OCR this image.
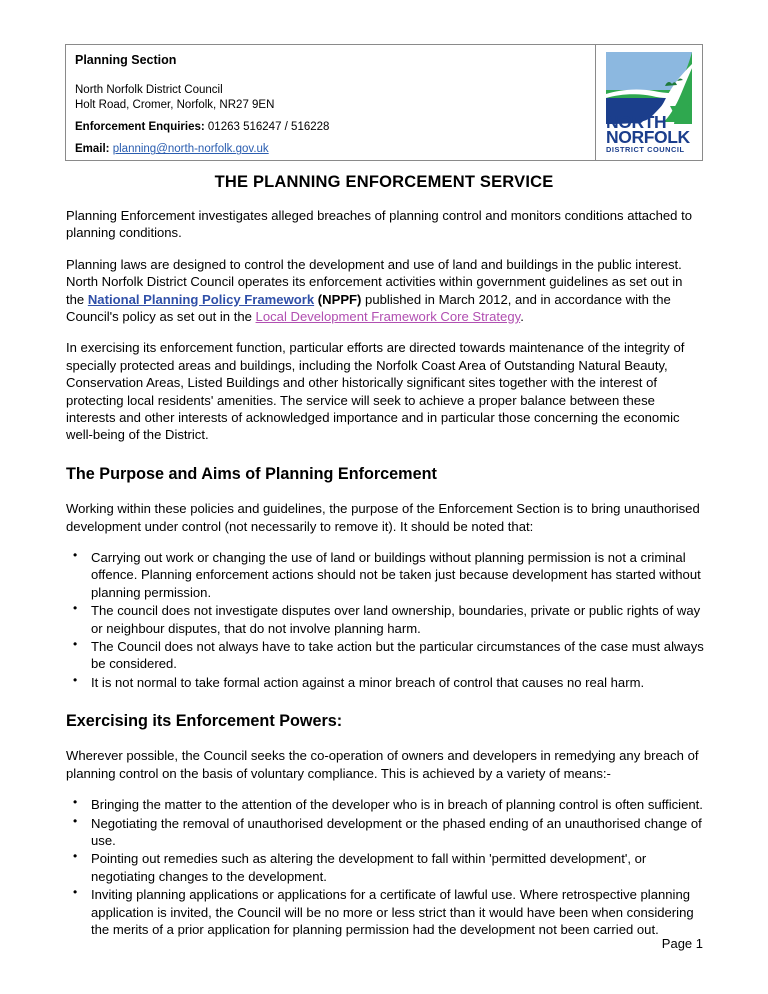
Planning Section
North Norfolk District Council
Holt Road, Cromer, Norfolk, NR27 9EN
Enforcement Enquiries: 01263 516247 / 516228
Email: planning@north-norfolk.gov.uk
NORTH
NORFOLK
DISTRICT COUNCIL
THE PLANNING ENFORCEMENT SERVICE

Planning Enforcement investigates alleged breaches of planning control and monitors conditions attached to planning conditions.

Planning laws are designed to control the development and use of land and buildings in the public interest. North Norfolk District Council operates its enforcement activities within government guidelines as set out in the National Planning Policy Framework (NPPF) published in March 2012, and in accordance with the Council's policy as set out in the Local Development Framework Core Strategy.

In exercising its enforcement function, particular efforts are directed towards maintenance of the integrity of specially protected areas and buildings, including the Norfolk Coast Area of Outstanding Natural Beauty, Conservation Areas, Listed Buildings and other historically significant sites together with the interest of protecting local residents' amenities. The service will seek to achieve a proper balance between these interests and other interests of acknowledged importance and in particular those concerning the economic well-being of the District.

The Purpose and Aims of Planning Enforcement

Working within these policies and guidelines, the purpose of the Enforcement Section is to bring unauthorised development under control (not necessarily to remove it). It should be noted that:

• Carrying out work or changing the use of land or buildings without planning permission is not a criminal offence. Planning enforcement actions should not be taken just because development has started without planning permission.
• The council does not investigate disputes over land ownership, boundaries, private or public rights of way or neighbour disputes, that do not involve planning harm.
• The Council does not always have to take action but the particular circumstances of the case must always be considered.
• It is not normal to take formal action against a minor breach of control that causes no real harm.
Exercising its Enforcement Powers:

Wherever possible, the Council seeks the co-operation of owners and developers in remedying any breach of planning control on the basis of voluntary compliance. This is achieved by a variety of means:-

• Bringing the matter to the attention of the developer who is in breach of planning control is often sufficient.
• Negotiating the removal of unauthorised development or the phased ending of an unauthorised change of use.
• Pointing out remedies such as altering the development to fall within 'permitted development', or negotiating changes to the development.
• Inviting planning applications or applications for a certificate of lawful use. Where retrospective planning application is invited, the Council will be no more or less strict than it would have been when considering the merits of a prior application for planning permission had the development not been carried out.
Page 1
